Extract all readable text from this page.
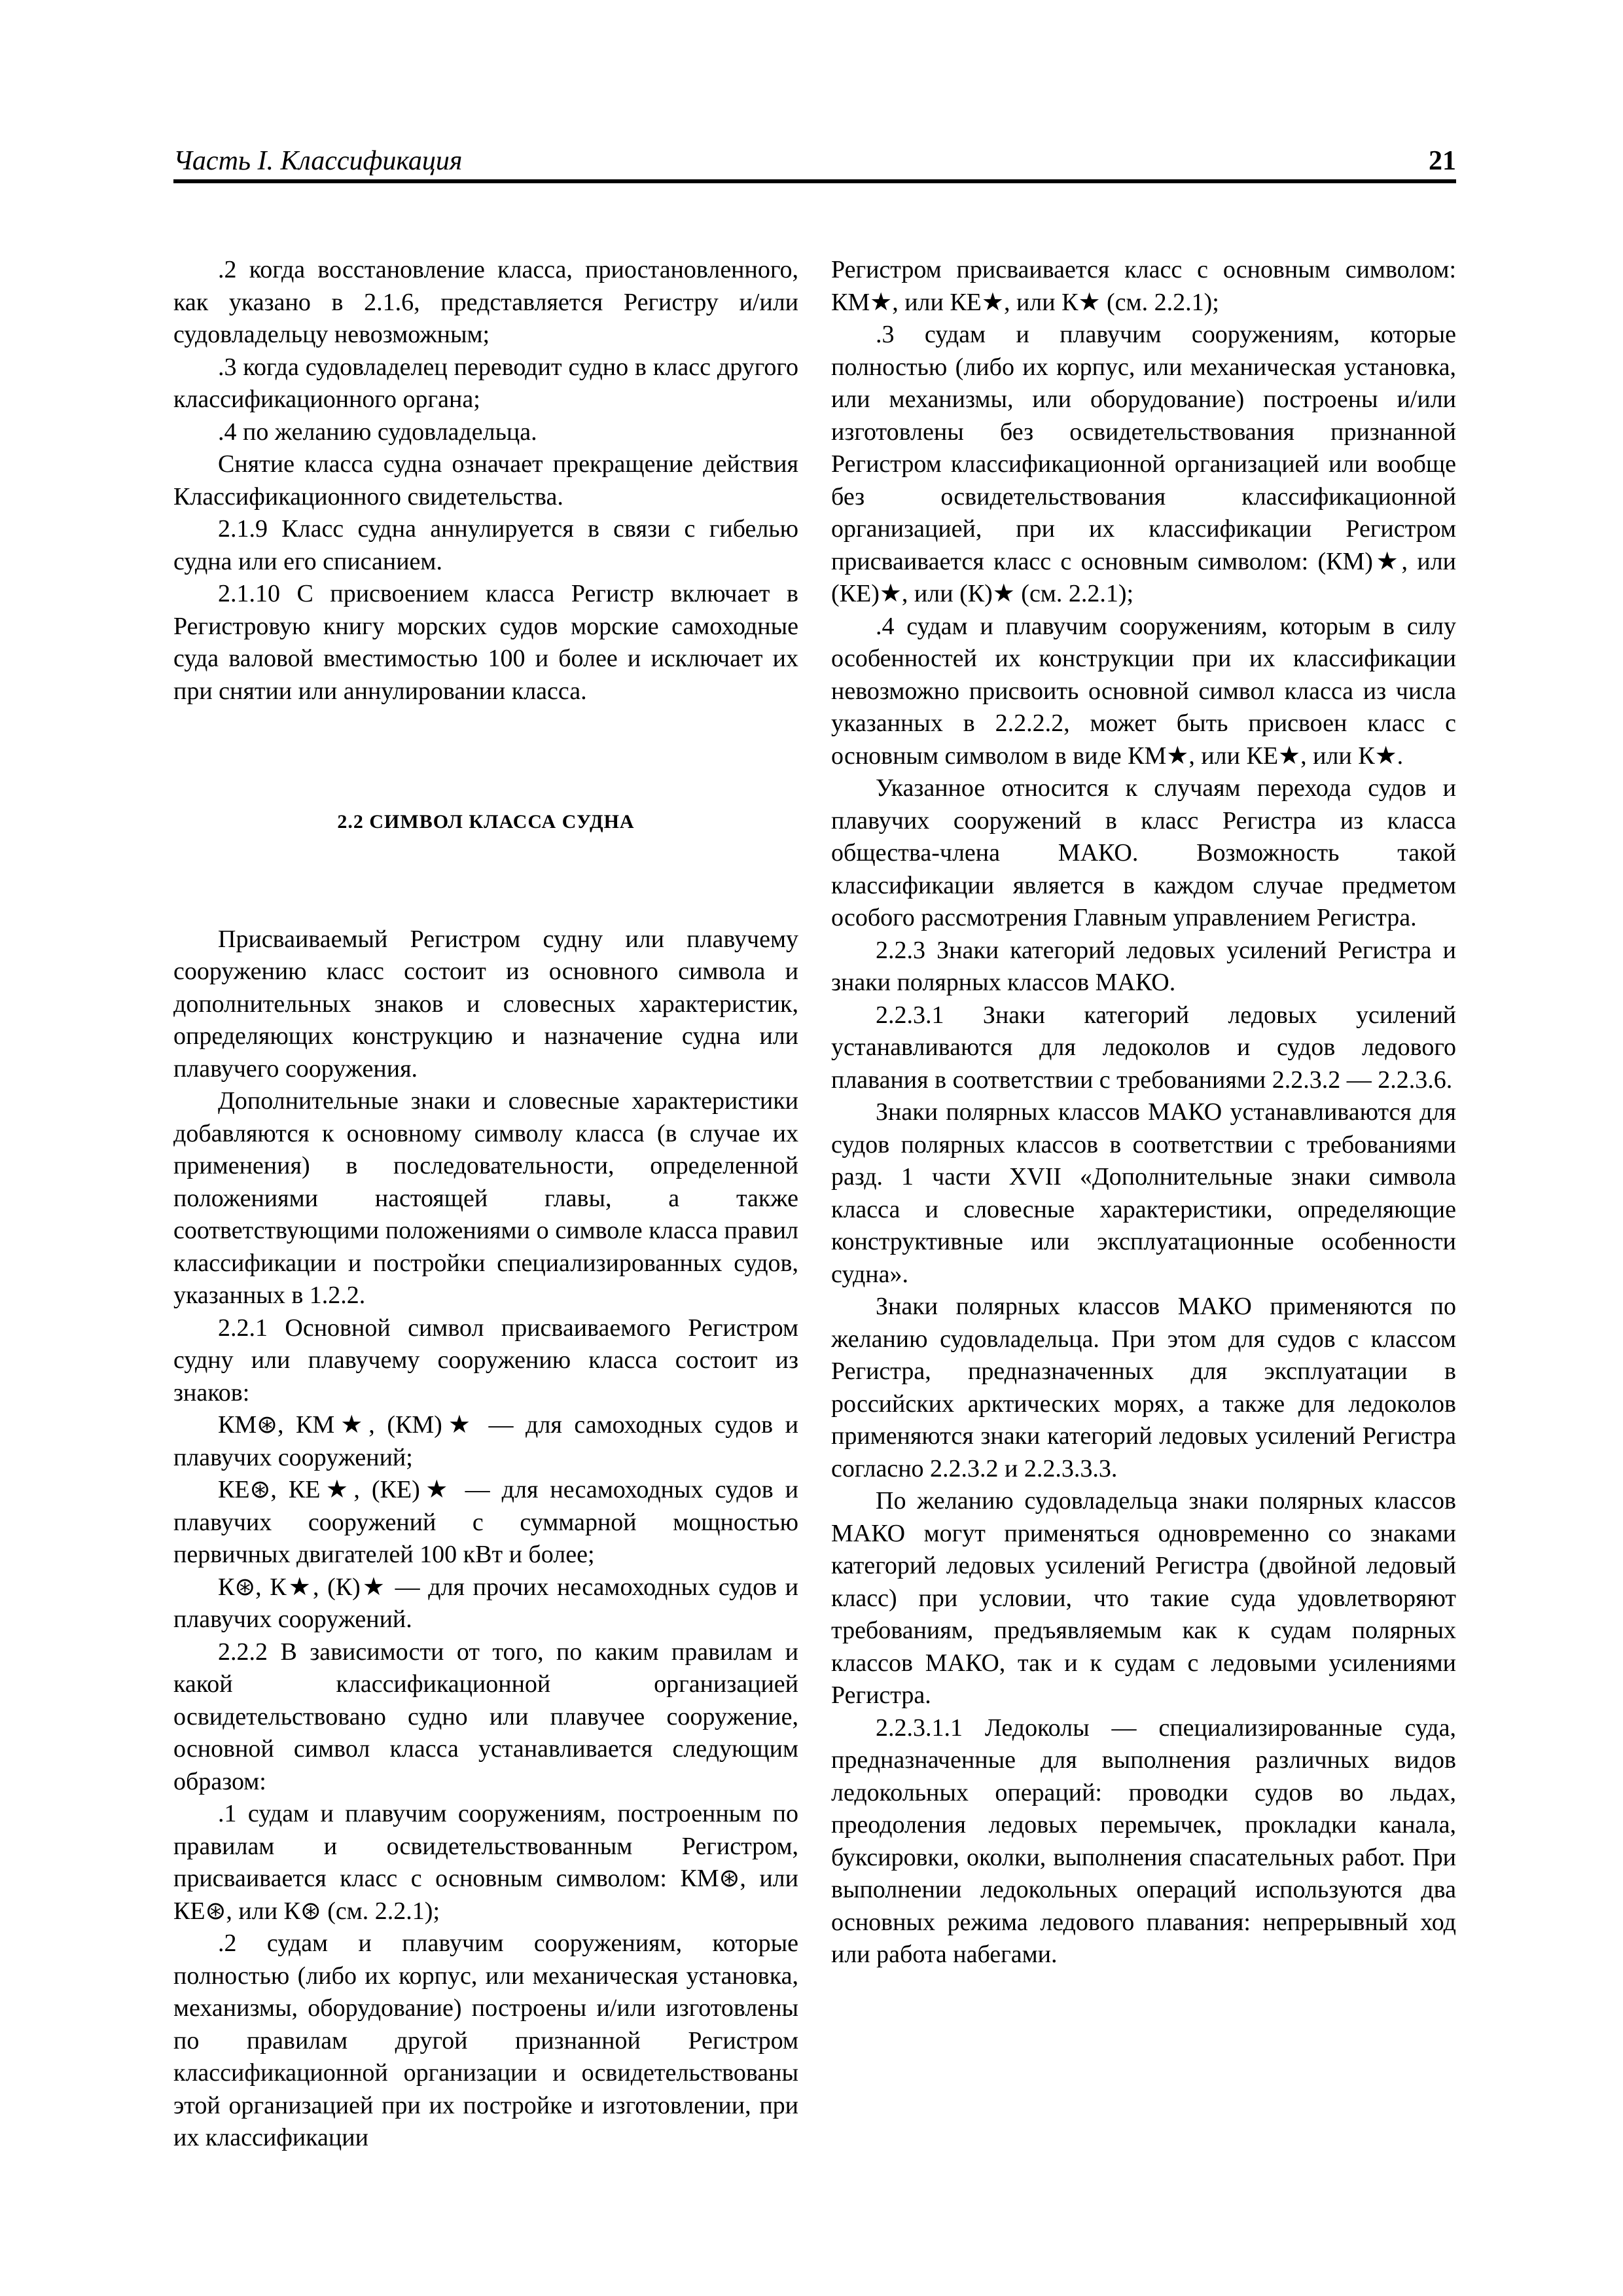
Часть I. Классификация	21

.2 когда восстановление класса, приостановленного, как указано в 2.1.6, представляется Регистру и/или судовладельцу невозможным;

.3 когда судовладелец переводит судно в класс другого классификационного органа;

.4 по желанию судовладельца.

Снятие класса судна означает прекращение действия Классификационного свидетельства.

2.1.9 Класс судна аннулируется в связи с гибелью судна или его списанием.

2.1.10 С присвоением класса Регистр включает в Регистровую книгу морских судов морские самоходные суда валовой вместимостью 100 и более и исключает их при снятии или аннулировании класса.

2.2 СИМВОЛ КЛАССА СУДНА

Присваиваемый Регистром судну или плавучему сооружению класс состоит из основного символа и дополнительных знаков и словесных характеристик, определяющих конструкцию и назначение судна или плавучего сооружения.

Дополнительные знаки и словесные характеристики добавляются к основному символу класса (в случае их применения) в последовательности, определенной положениями настоящей главы, а также соответствующими положениями о символе класса правил классификации и постройки специализированных судов, указанных в 1.2.2.

2.2.1 Основной символ присваиваемого Регистром судну или плавучему сооружению класса состоит из знаков:

КМ⊛, КМ★, (КМ)★ — для самоходных судов и плавучих сооружений;

КЕ⊛, КЕ★, (КЕ)★ — для несамоходных судов и плавучих сооружений с суммарной мощностью первичных двигателей 100 кВт и более;

К⊛, К★, (К)★ — для прочих несамоходных судов и плавучих сооружений.

2.2.2 В зависимости от того, по каким правилам и какой классификационной организацией освидетельствовано судно или плавучее сооружение, основной символ класса устанавливается следующим образом:

.1 судам и плавучим сооружениям, построенным по правилам и освидетельствованным Регистром, присваивается класс с основным символом: КМ⊛, или КЕ⊛, или К⊛ (см. 2.2.1);

.2 судам и плавучим сооружениям, которые полностью (либо их корпус, или механическая установка, механизмы, оборудование) построены и/или изготовлены по правилам другой признанной Регистром классификационной организации и освидетельствованы этой организацией при их постройке и изготовлении, при их классификации

Регистром присваивается класс с основным символом: КМ★, или КЕ★, или К★ (см. 2.2.1);

.3 судам и плавучим сооружениям, которые полностью (либо их корпус, или механическая установка, или механизмы, или оборудование) построены и/или изготовлены без освидетельствования признанной Регистром классификационной организацией или вообще без освидетельствования классификационной организацией, при их классификации Регистром присваивается класс с основным символом: (КМ)★, или (КЕ)★, или (К)★ (см. 2.2.1);

.4 судам и плавучим сооружениям, которым в силу особенностей их конструкции при их классификации невозможно присвоить основной символ класса из числа указанных в 2.2.2.2, может быть присвоен класс с основным символом в виде КМ★, или КЕ★, или К★.

Указанное относится к случаям перехода судов и плавучих сооружений в класс Регистра из класса общества-члена МАКО. Возможность такой классификации является в каждом случае предметом особого рассмотрения Главным управлением Регистра.

2.2.3 Знаки категорий ледовых усилений Регистра и знаки полярных классов МАКО.

2.2.3.1 Знаки категорий ледовых усилений устанавливаются для ледоколов и судов ледового плавания в соответствии с требованиями 2.2.3.2 — 2.2.3.6.

Знаки полярных классов МАКО устанавливаются для судов полярных классов в соответствии с требованиями разд. 1 части XVII «Дополнительные знаки символа класса и словесные характеристики, определяющие конструктивные или эксплуатационные особенности судна».

Знаки полярных классов МАКО применяются по желанию судовладельца. При этом для судов с классом Регистра, предназначенных для эксплуатации в российских арктических морях, а также для ледоколов применяются знаки категорий ледовых усилений Регистра согласно 2.2.3.2 и 2.2.3.3.3.

По желанию судовладельца знаки полярных классов МАКО могут применяться одновременно со знаками категорий ледовых усилений Регистра (двойной ледовый класс) при условии, что такие суда удовлетворяют требованиям, предъявляемым как к судам полярных классов МАКО, так и к судам с ледовыми усилениями Регистра.

2.2.3.1.1 Ледоколы — специализированные суда, предназначенные для выполнения различных видов ледокольных операций: проводки судов во льдах, преодоления ледовых перемычек, прокладки канала, буксировки, околки, выполнения спасательных работ. При выполнении ледокольных операций используются два основных режима ледового плавания: непрерывный ход или работа набегами.
